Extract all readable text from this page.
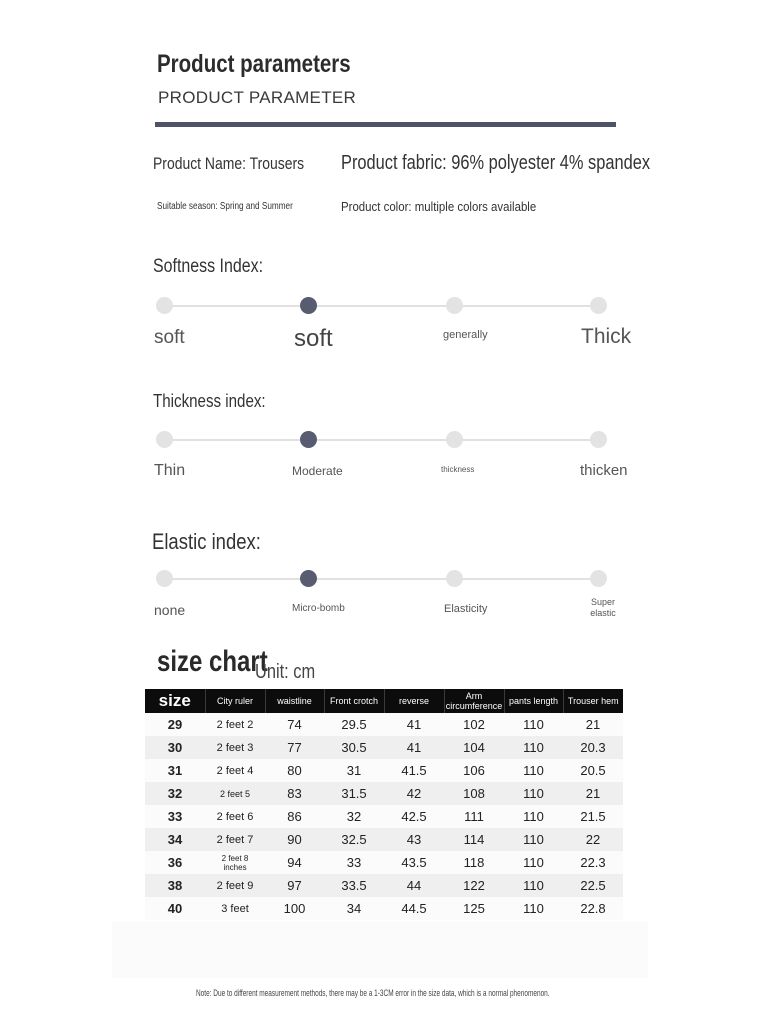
Product parameters
PRODUCT PARAMETER
Product Name: Trousers Product fabric: 96% polyester 4% spandex
Suitable season: Spring and Summer	Product color: multiple colors available
Softness Index:
soft	soft	generally	Thick
Thickness index:
Thin	Moderate	thickness	thicken
Elastic index:
none	Micro-bomb	Elasticity
Super elastic
size chart
Unit: cm
size	City ruler	waistline	Front crotch	reverse	Arm circumference	pants length	Trouser hem
29	2 feet 2	74	29.5	41	102	110	21
30	2 feet 3	77	30.5	41	104	110	20.3
31	2 feet 4	80	31	41.5	106	110	20.5
32	2 feet 5	83	31.5	42	108	110	21
33	2 feet 6	86	32	42.5	111	110	21.5
34	2 feet 7	90	32.5	43	114	110	22
36	2 feet 8 inches	94	33	43.5	118	110	22.3
38	2 feet 9	97	33.5	44	122	110	22.5
40	3 feet	100	34	44.5	125	110	22.8
Note: Due to different measurement methods, there may be a 1-3CM error in the size data, which is a normal phenomenon.
